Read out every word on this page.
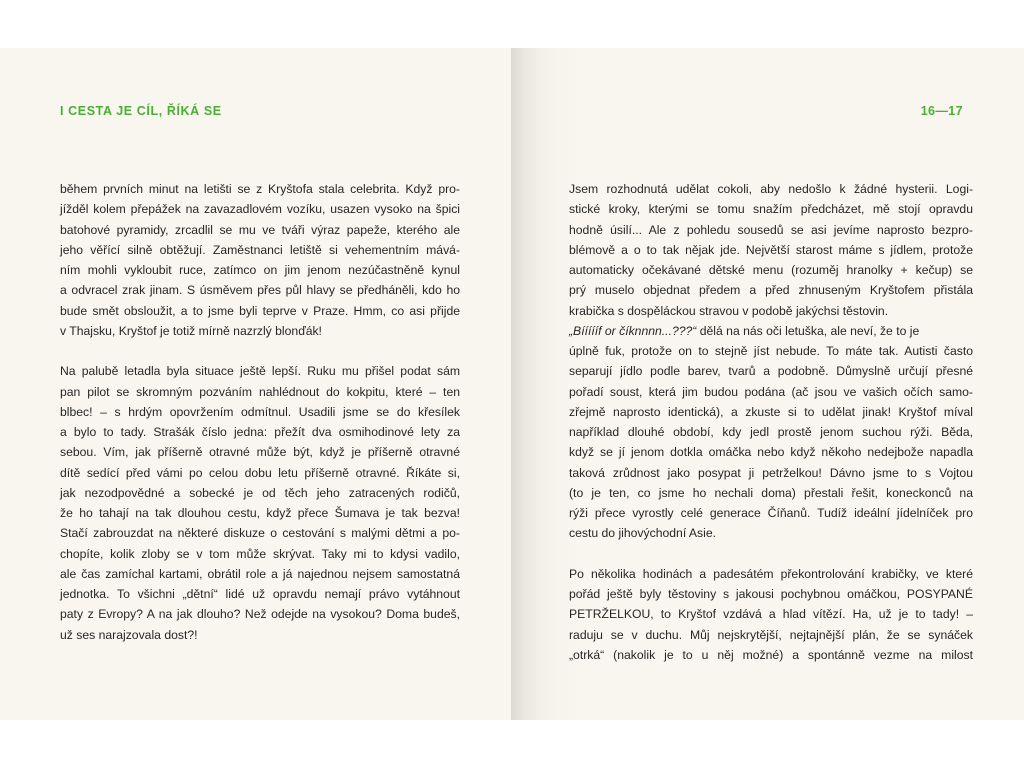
I CESTA JE CÍL, ŘÍKÁ SE
během prvních minut na letišti se z Kryštofa stala celebrita. Když pro-
jížděl kolem přepážek na zavazadlovém vozíku, usazen vysoko na špici
batohové pyramidy, zrcadlil se mu ve tváři výraz papeže, kterého ale
jeho věřící silně obtěžují. Zaměstnanci letiště si vehementním mává-
ním mohli vykloubit ruce, zatímco on jim jenom nezúčastněně kynul
a odvracel zrak jinam. S úsměvem přes půl hlavy se předháněli, kdo ho
bude smět obsloužit, a to jsme byli teprve v Praze. Hmm, co asi přijde
v Thajsku, Kryštof je totiž mírně nazrzlý blonďák!
Na palubě letadla byla situace ještě lepší. Ruku mu přišel podat sám
pan pilot se skromným pozváním nahlédnout do kokpitu, které – ten
blbec! – s hrdým opovržením odmítnul. Usadili jsme se do křesílek
a bylo to tady. Strašák číslo jedna: přežít dva osmihodinové lety za
sebou. Vím, jak příšerně otravné může být, když je příšerně otravné
dítě sedící před vámi po celou dobu letu příšerně otravné. Říkáte si,
jak nezodpovědné a sobecké je od těch jeho zatracených rodičů,
že ho tahají na tak dlouhou cestu, když přece Šumava je tak bezva!
Stačí zabrouzdat na některé diskuze o cestování s malými dětmi a po-
chopíte, kolik zloby se v tom může skrývat. Taky mi to kdysi vadilo,
ale čas zamíchal kartami, obrátil role a já najednou nejsem samostatná
jednotka. To všichni „dětní“ lidé už opravdu nemají právo vytáhnout
paty z Evropy? A na jak dlouho? Než odejde na vysokou? Doma budeš,
už ses narajzovala dost?!
16—17
Jsem rozhodnutá udělat cokoli, aby nedošlo k žádné hysterii. Logi-
stické kroky, kterými se tomu snažím předcházet, mě stojí opravdu
hodně úsilí... Ale z pohledu sousedů se asi jevíme naprosto bezpro-
blémově a o to tak nějak jde. Největší starost máme s jídlem, protože
automaticky očekávané dětské menu (rozuměj hranolky + kečup) se
prý muselo objednat předem a před zhnuseným Kryštofem přistála
krabička s dospěláckou stravou v podobě jakýchsi těstovin.
„Bíííííf or číknnnn...???“ dělá na nás oči letuška, ale neví, že to je
úplně fuk, protože on to stejně jíst nebude. To máte tak. Autisti často
separují jídlo podle barev, tvarů a podobně. Důmyslně určují přesné
pořadí soust, která jim budou podána (ač jsou ve vašich očích samo-
zřejmě naprosto identická), a zkuste si to udělat jinak! Kryštof míval
například dlouhé období, kdy jedl prostě jenom suchou rýži. Běda,
když se jí jenom dotkla omáčka nebo když někoho nedejbože napadla
taková zrůdnost jako posypat ji petrželkou! Dávno jsme to s Vojtou
(to je ten, co jsme ho nechali doma) přestali řešit, koneckonců na
rýži přece vyrostly celé generace Číňanů. Tudíž ideální jídelníček pro
cestu do jihovýchodní Asie.
Po několika hodinách a padesátém překontrolování krabičky, ve které
pořád ještě byly těstoviny s jakousi pochybnou omáčkou, POSYPANÉ
PETRŽELKOU, to Kryštof vzdává a hlad vítězí. Ha, už je to tady! –
raduju se v duchu. Můj nejskrytější, nejtajnější plán, že se synáček
„otrká“ (nakolik je to u něj možné) a spontánně vezme na milost
